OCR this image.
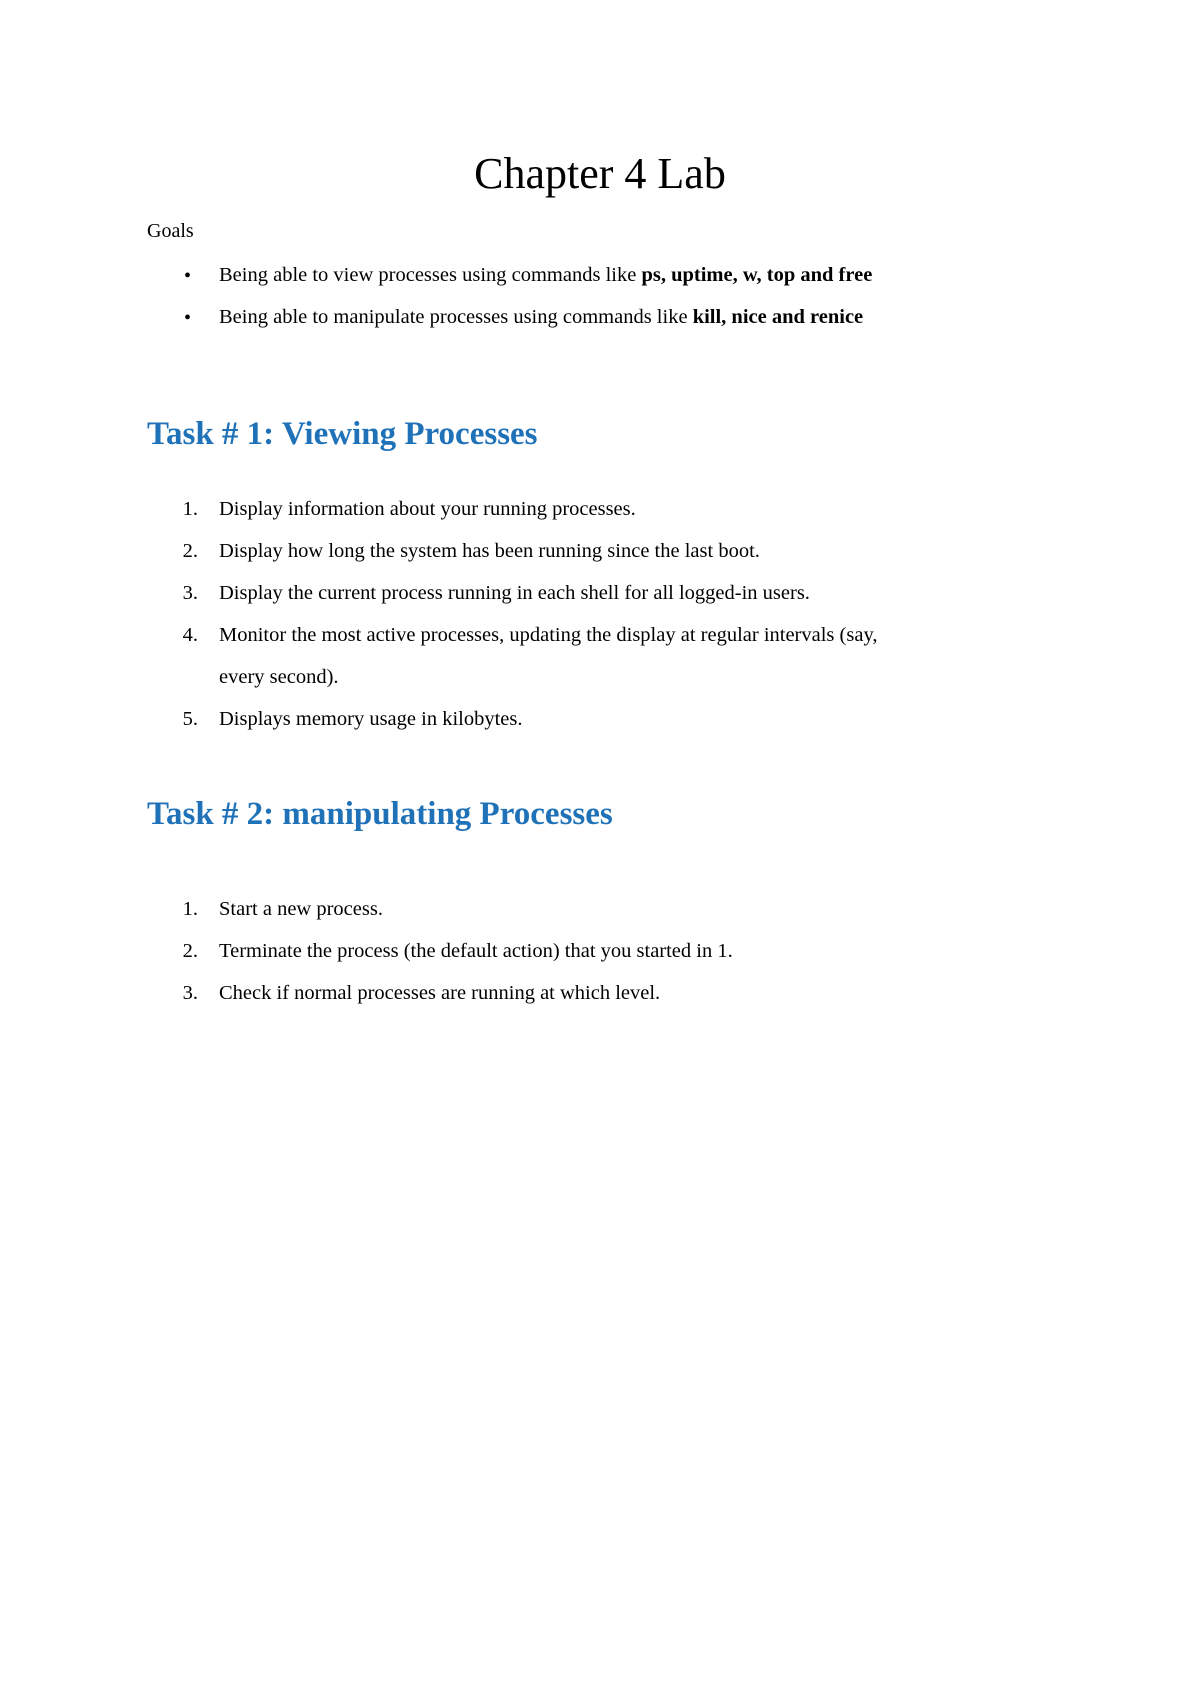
Chapter 4 Lab
Goals
• Being able to view processes using commands like ps, uptime, w, top and free
• Being able to manipulate processes using commands like kill, nice and renice
Task # 1: Viewing Processes
1. Display information about your running processes.
2. Display how long the system has been running since the last boot.
3. Display the current process running in each shell for all logged-in users.
4. Monitor the most active processes, updating the display at regular intervals (say,
every second).
5. Displays memory usage in kilobytes.
Task # 2: manipulating Processes
1. Start a new process.
2. Terminate the process (the default action) that you started in 1.
3. Check if normal processes are running at which level.
